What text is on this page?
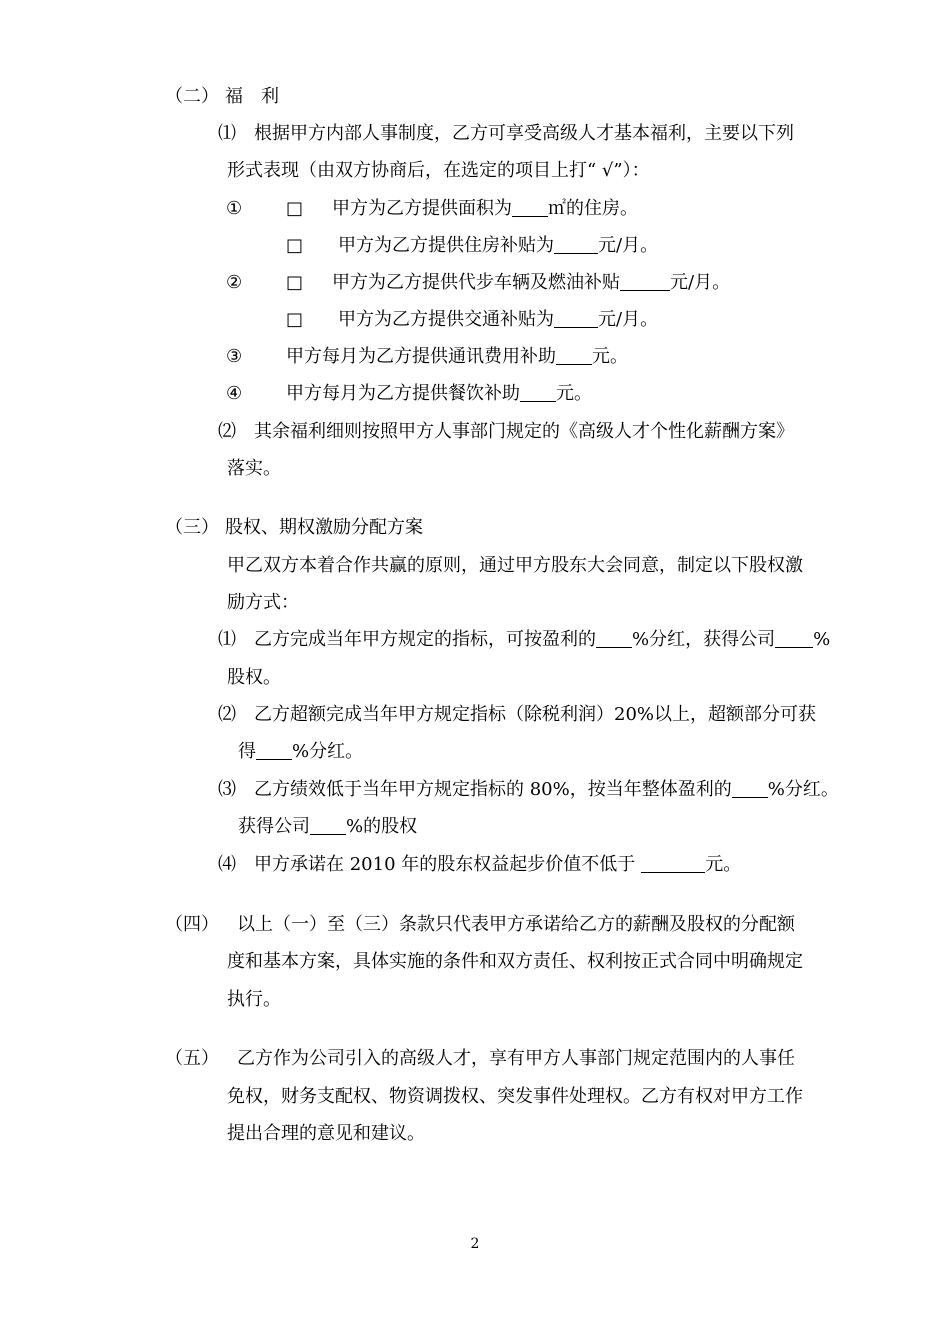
（二） 福　利
⑴ 根据甲方内部人事制度，乙方可享受高级人才基本福利，主要以下列
形式表现（由双方协商后，在选定的项目上打“ √”）：
① □ 甲方为乙方提供面积为 ㎡的住房。
□ 甲方为乙方提供住房补贴为 元/月。
② □ 甲方为乙方提供代步车辆及燃油补贴	元/月。
□ 甲方为乙方提供交通补贴为 元/月。
③ 甲方每月为乙方提供通讯费用补助 元。
④ 甲方每月为乙方提供餐饮补助 元。
⑵ 其余福利细则按照甲方人事部门规定的《高级人才个性化薪酬方案》
落实。
（三） 股权、期权激励分配方案
甲乙双方本着合作共赢的原则，通过甲方股东大会同意，制定以下股权激
励方式：
⑴ 乙方完成当年甲方规定的指标，可按盈利的 %分红，获得公司 %
股权。
⑵ 乙方超额完成当年甲方规定指标（除税利润）20%以上，超额部分可获
得 %分红。
⑶ 乙方绩效低于当年甲方规定指标的 80%，按当年整体盈利的 %分红。
获得公司 %的股权
⑷ 甲方承诺在 2010 年的股东权益起步价值不低于	元。
（四） 以上（一）至（三）条款只代表甲方承诺给乙方的薪酬及股权的分配额
度和基本方案，具体实施的条件和双方责任、权利按正式合同中明确规定
执行。
（五） 乙方作为公司引入的高级人才，享有甲方人事部门规定范围内的人事任
免权，财务支配权、物资调拨权、突发事件处理权。乙方有权对甲方工作
提出合理的意见和建议。
2
